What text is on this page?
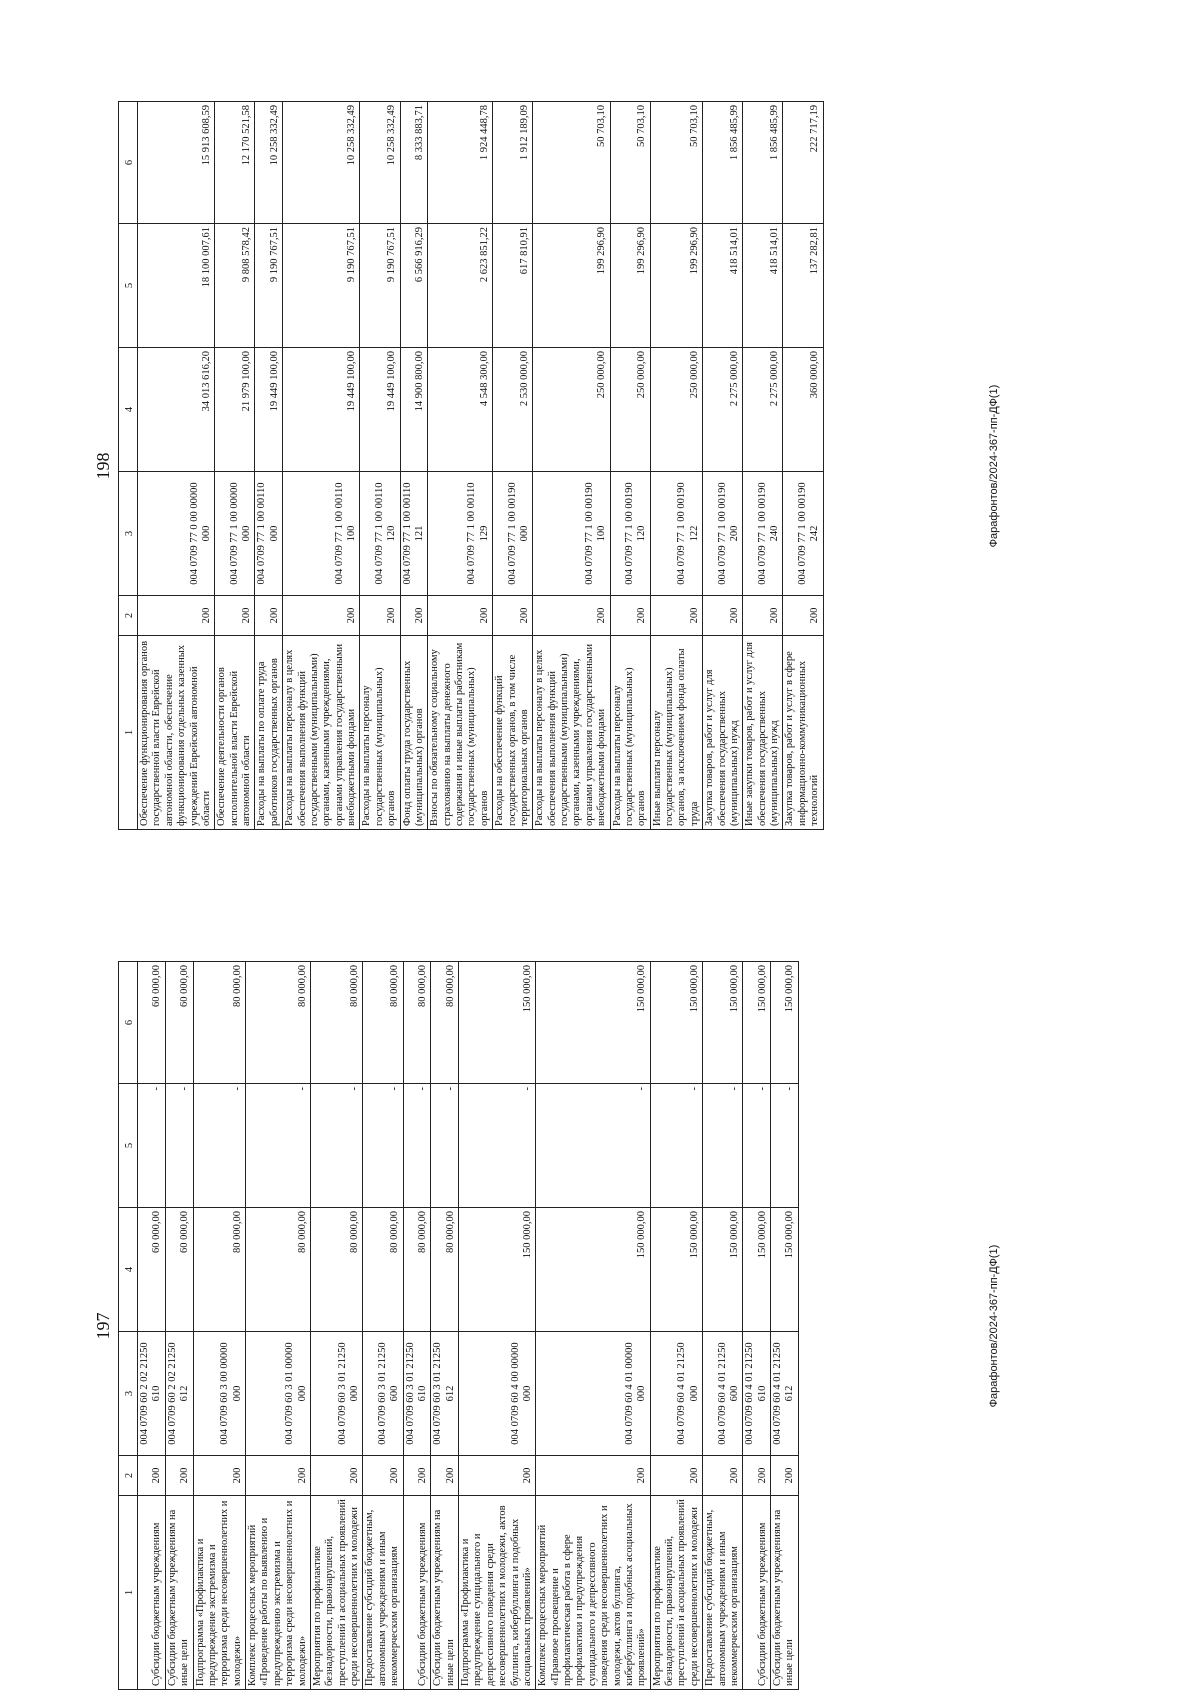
197
1	2	3	4	5	6
Субсидии бюджетным учреждениям	200	004 0709 60 2 02 21250 610	60 000,00	-	60 000,00
Субсидии бюджетным учреждениям на иные цели	200	004 0709 60 2 02 21250 612	60 000,00	-	60 000,00
Подпрограмма «Профилактика и предупреждение экстремизма и терроризма среди несовершеннолетних и молодежи»	200	004 0709 60 3 00 00000 000	80 000,00	-	80 000,00
Комплекс процессных мероприятий «Проведение работы по выявлению и предупреждению экстремизма и терроризма среди несовершеннолетних и молодежи»	200	004 0709 60 3 01 00000 000	80 000,00	-	80 000,00
Мероприятия по профилактике безнадорности, правонарушений, преступлений и асоциальных проявлений среди несовершеннолетних и молодежи	200	004 0709 60 3 01 21250 000	80 000,00	-	80 000,00
Предоставление субсидий бюджетным, автономным учреждениям и иным некоммерческим организациям	200	004 0709 60 3 01 21250 600	80 000,00	-	80 000,00
Субсидии бюджетным учреждениям	200	004 0709 60 3 01 21250 610	80 000,00	-	80 000,00
Субсидии бюджетным учреждениям на иные цели	200	004 0709 60 3 01 21250 612	80 000,00	-	80 000,00
Подпрограмма «Профилактика и предупреждение суицидального и депрессивного поведения среди несовершеннолетних и молодежи, актов буллинга, кибербуллинга и подобных асоциальных проявлений»	200	004 0709 60 4 00 00000 000	150 000,00	-	150 000,00
Комплекс процессных мероприятий «Правовое просвещение и профилактическая работа в сфере профилактики и предупреждения суицидального и депрессивного поведения среди несовершеннолетних и молодежи, актов буллинга, кибербуллинга и подобных асоциальных проявлений»	200	004 0709 60 4 01 00000 000	150 000,00	-	150 000,00
Мероприятия по профилактике безнадорности, правонарушений, преступлений и асоциальных проявлений среди несовершеннолетних и молодежи	200	004 0709 60 4 01 21250 000	150 000,00	-	150 000,00
Предоставление субсидий бюджетным, автономным учреждениям и иным некоммерческим организациям	200	004 0709 60 4 01 21250 600	150 000,00	-	150 000,00
Субсидии бюджетным учреждениям	200	004 0709 60 4 01 21250 610	150 000,00	-	150 000,00
Субсидии бюджетным учреждениям на иные цели	200	004 0709 60 4 01 21250 612	150 000,00	-	150 000,00
Фарафонтов/2024-367-пп-ДФ(1)
198
1	2	3	4	5	6
Обеспечение функционирования органов государственной власти Еврейской автономной области, обеспечение функционирования отдельных казенных учреждений Еврейской автономной области	200	004 0709 77 0 00 00000 000	34 013 616,20	18 100 007,61	15 913 608,59
Обеспечение деятельности органов исполнительной власти Еврейской автономной области	200	004 0709 77 1 00 00000 000	21 979 100,00	9 808 578,42	12 170 521,58
Расходы на выплаты по оплате труда работников государственных органов	200	004 0709 77 1 00 00110 000	19 449 100,00	9 190 767,51	10 258 332,49
Расходы на выплаты персоналу в целях обеспечения выполнения функций государственными (муниципальными) органами, казенными учреждениями, органами управления государственными внебюджетными фондами	200	004 0709 77 1 00 00110 100	19 449 100,00	9 190 767,51	10 258 332,49
Расходы на выплаты персоналу государственных (муниципальных) органов	200	004 0709 77 1 00 00110 120	19 449 100,00	9 190 767,51	10 258 332,49
Фонд оплаты труда государственных (муниципальных) органов	200	004 0709 77 1 00 00110 121	14 900 800,00	6 566 916,29	8 333 883,71
Взносы по обязательному социальному страхованию на выплаты денежного содержания и иные выплаты работникам государственных (муниципальных) органов	200	004 0709 77 1 00 00110 129	4 548 300,00	2 623 851,22	1 924 448,78
Расходы на обеспечение функций государственных органов, в том числе территориальных органов	200	004 0709 77 1 00 00190 000	2 530 000,00	617 810,91	1 912 189,09
Расходы на выплаты персоналу в целях обеспечения выполнения функций государственными (муниципальными) органами, казенными учреждениями, органами управления государственными внебюджетными фондами	200	004 0709 77 1 00 00190 100	250 000,00	199 296,90	50 703,10
Расходы на выплаты персоналу государственных (муниципальных) органов	200	004 0709 77 1 00 00190 120	250 000,00	199 296,90	50 703,10
Иные выплаты персоналу государственных (муниципальных) органов, за исключением фонда оплаты труда	200	004 0709 77 1 00 00190 122	250 000,00	199 296,90	50 703,10
Закупка товаров, работ и услуг для обеспечения государственных (муниципальных) нужд	200	004 0709 77 1 00 00190 200	2 275 000,00	418 514,01	1 856 485,99
Иные закупки товаров, работ и услуг для обеспечения государственных (муниципальных) нужд	200	004 0709 77 1 00 00190 240	2 275 000,00	418 514,01	1 856 485,99
Закупка товаров, работ и услуг в сфере информационно-коммуникационных технологий	200	004 0709 77 1 00 00190 242	360 000,00	137 282,81	222 717,19
Фарафонтов/2024-367-пп-ДФ(1)
